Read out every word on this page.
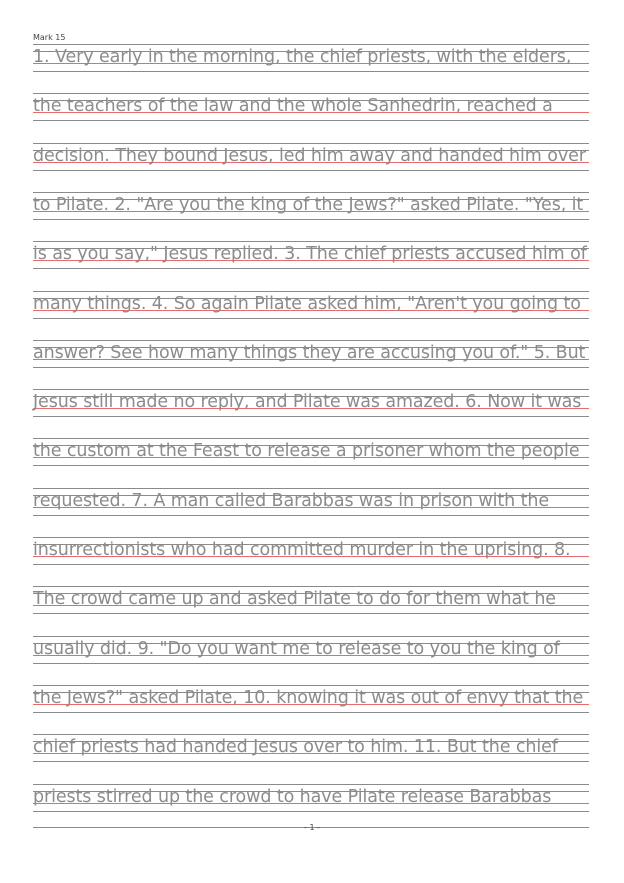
Mark 15
1. Very early in the morning, the chief priests, with the elders,
the teachers of the law and the whole Sanhedrin, reached a
decision. They bound Jesus, led him away and handed him over
to Pilate. 2. "Are you the king of the Jews?" asked Pilate. "Yes, it
is as you say," Jesus replied. 3. The chief priests accused him of
many things. 4. So again Pilate asked him, "Aren't you going to
answer? See how many things they are accusing you of." 5. But
Jesus still made no reply, and Pilate was amazed. 6. Now it was
the custom at the Feast to release a prisoner whom the people
requested. 7. A man called Barabbas was in prison with the
insurrectionists who had committed murder in the uprising. 8.
The crowd came up and asked Pilate to do for them what he
usually did. 9. "Do you want me to release to you the king of
the Jews?" asked Pilate, 10. knowing it was out of envy that the
chief priests had handed Jesus over to him. 11. But the chief
priests stirred up the crowd to have Pilate release Barabbas
- 1 -
